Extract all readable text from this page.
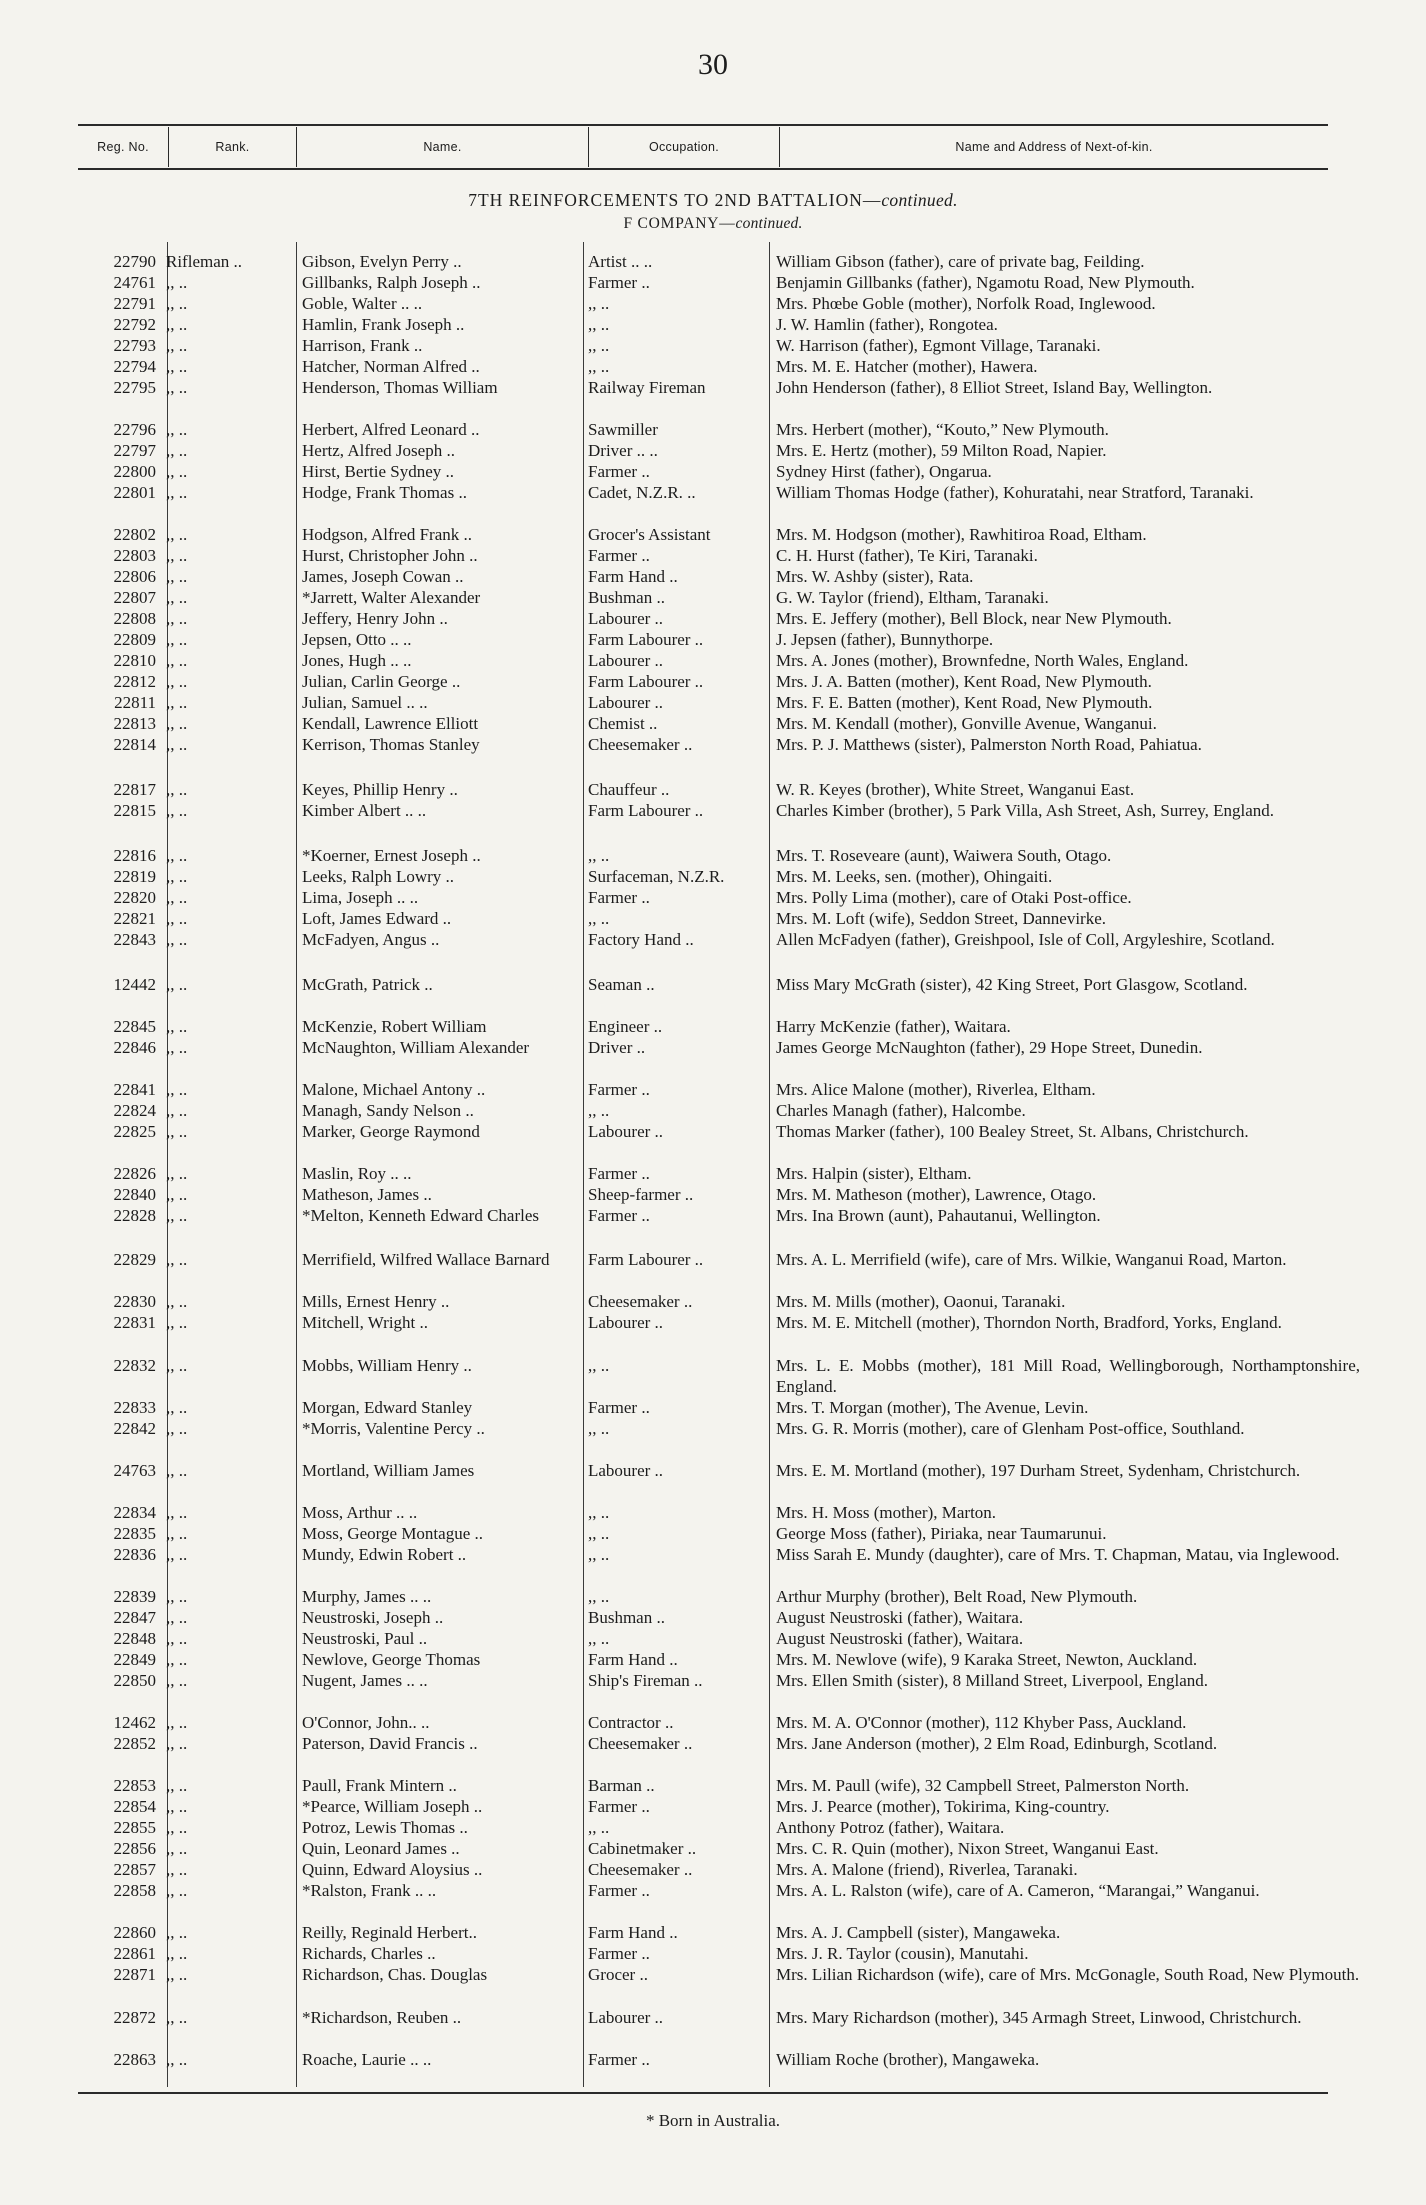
30
Reg. No.	Rank.	Name.	Occupation.	Name and Address of Next-of-kin.
7TH REINFORCEMENTS TO 2ND BATTALION—continued.
F COMPANY—continued.
22790 Rifleman ..	Gibson, Evelyn Perry ..	Artist .. ..	William Gibson (father), care of private bag, Feilding.
24761 ,, ..	Gillbanks, Ralph Joseph ..	Farmer ..	Benjamin Gillbanks (father), Ngamotu Road, New Plymouth.
22791 ,, ..	Goble, Walter .. ..	,, ..	Mrs. Phœbe Goble (mother), Norfolk Road, Inglewood.
22792 ,, ..	Hamlin, Frank Joseph ..	,, ..	J. W. Hamlin (father), Rongotea.
22793 ,, ..	Harrison, Frank ..	,, ..	W. Harrison (father), Egmont Village, Taranaki.
22794 ,, ..	Hatcher, Norman Alfred ..	,, ..	Mrs. M. E. Hatcher (mother), Hawera.
22795 ,, ..	Henderson, Thomas William	Railway Fireman	John Henderson (father), 8 Elliot Street, Island Bay, Wellington.
22796 ,, ..	Herbert, Alfred Leonard ..	Sawmiller	Mrs. Herbert (mother), “Kouto,” New Plymouth.
22797 ,, ..	Hertz, Alfred Joseph ..	Driver .. ..	Mrs. E. Hertz (mother), 59 Milton Road, Napier.
22800 ,, ..	Hirst, Bertie Sydney ..	Farmer ..	Sydney Hirst (father), Ongarua.
22801 ,, ..	Hodge, Frank Thomas ..	Cadet, N.Z.R. ..	William Thomas Hodge (father), Kohuratahi, near Stratford, Taranaki.
22802 ,, ..	Hodgson, Alfred Frank ..	Grocer's Assistant	Mrs. M. Hodgson (mother), Rawhitiroa Road, Eltham.
22803 ,, ..	Hurst, Christopher John ..	Farmer ..	C. H. Hurst (father), Te Kiri, Taranaki.
22806 ,, ..	James, Joseph Cowan ..	Farm Hand ..	Mrs. W. Ashby (sister), Rata.
22807 ,, ..	*Jarrett, Walter Alexander	Bushman ..	G. W. Taylor (friend), Eltham, Taranaki.
22808 ,, ..	Jeffery, Henry John ..	Labourer ..	Mrs. E. Jeffery (mother), Bell Block, near New Plymouth.
22809 ,, ..	Jepsen, Otto .. ..	Farm Labourer ..	J. Jepsen (father), Bunnythorpe.
22810 ,, ..	Jones, Hugh .. ..	Labourer ..	Mrs. A. Jones (mother), Brownfedne, North Wales, England.
22812 ,, ..	Julian, Carlin George ..	Farm Labourer ..	Mrs. J. A. Batten (mother), Kent Road, New Plymouth.
22811 ,, ..	Julian, Samuel .. ..	Labourer ..	Mrs. F. E. Batten (mother), Kent Road, New Plymouth.
22813 ,, ..	Kendall, Lawrence Elliott	Chemist ..	Mrs. M. Kendall (mother), Gonville Avenue, Wanganui.
22814 ,, ..	Kerrison, Thomas Stanley	Cheesemaker ..	Mrs. P. J. Matthews (sister), Palmerston North Road, Pahiatua.
22817 ,, ..	Keyes, Phillip Henry ..	Chauffeur ..	W. R. Keyes (brother), White Street, Wanganui East.
22815 ,, ..	Kimber Albert .. ..	Farm Labourer ..	Charles Kimber (brother), 5 Park Villa, Ash Street, Ash, Surrey, England.
22816 ,, ..	*Koerner, Ernest Joseph ..	,, ..	Mrs. T. Roseveare (aunt), Waiwera South, Otago.
22819 ,, ..	Leeks, Ralph Lowry ..	Surfaceman, N.Z.R.	Mrs. M. Leeks, sen. (mother), Ohingaiti.
22820 ,, ..	Lima, Joseph .. ..	Farmer ..	Mrs. Polly Lima (mother), care of Otaki Post-office.
22821 ,, ..	Loft, James Edward ..	,, ..	Mrs. M. Loft (wife), Seddon Street, Dannevirke.
22843 ,, ..	McFadyen, Angus ..	Factory Hand ..	Allen McFadyen (father), Greishpool, Isle of Coll, Argyleshire, Scotland.
12442 ,, ..	McGrath, Patrick ..	Seaman ..	Miss Mary McGrath (sister), 42 King Street, Port Glasgow, Scotland.
22845 ,, ..	McKenzie, Robert William	Engineer ..	Harry McKenzie (father), Waitara.
22846 ,, ..	McNaughton, William Alexander	Driver ..	James George McNaughton (father), 29 Hope Street, Dunedin.
22841 ,, ..	Malone, Michael Antony ..	Farmer ..	Mrs. Alice Malone (mother), Riverlea, Eltham.
22824 ,, ..	Managh, Sandy Nelson ..	,, ..	Charles Managh (father), Halcombe.
22825 ,, ..	Marker, George Raymond	Labourer ..	Thomas Marker (father), 100 Bealey Street, St. Albans, Christchurch.
22826 ,, ..	Maslin, Roy .. ..	Farmer ..	Mrs. Halpin (sister), Eltham.
22840 ,, ..	Matheson, James ..	Sheep-farmer ..	Mrs. M. Matheson (mother), Lawrence, Otago.
22828 ,, ..	*Melton, Kenneth Edward Charles	Farmer ..	Mrs. Ina Brown (aunt), Pahautanui, Wellington.
22829 ,, ..	Merrifield, Wilfred Wallace Barnard	Farm Labourer ..	Mrs. A. L. Merrifield (wife), care of Mrs. Wilkie, Wanganui Road, Marton.
22830 ,, ..	Mills, Ernest Henry ..	Cheesemaker ..	Mrs. M. Mills (mother), Oaonui, Taranaki.
22831 ,, ..	Mitchell, Wright ..	Labourer ..	Mrs. M. E. Mitchell (mother), Thorndon North, Bradford, Yorks, England.
22832 ,, ..	Mobbs, William Henry ..	,, ..	Mrs. L. E. Mobbs (mother), 181 Mill Road, Wellingborough, Northamptonshire, England.
22833 ,, ..	Morgan, Edward Stanley	Farmer ..	Mrs. T. Morgan (mother), The Avenue, Levin.
22842 ,, ..	*Morris, Valentine Percy ..	,, ..	Mrs. G. R. Morris (mother), care of Glenham Post-office, Southland.
24763 ,, ..	Mortland, William James	Labourer ..	Mrs. E. M. Mortland (mother), 197 Durham Street, Sydenham, Christchurch.
22834 ,, ..	Moss, Arthur .. ..	,, ..	Mrs. H. Moss (mother), Marton.
22835 ,, ..	Moss, George Montague ..	,, ..	George Moss (father), Piriaka, near Taumarunui.
22836 ,, ..	Mundy, Edwin Robert ..	,, ..	Miss Sarah E. Mundy (daughter), care of Mrs. T. Chapman, Matau, via Inglewood.
22839 ,, ..	Murphy, James .. ..	,, ..	Arthur Murphy (brother), Belt Road, New Plymouth.
22847 ,, ..	Neustroski, Joseph ..	Bushman ..	August Neustroski (father), Waitara.
22848 ,, ..	Neustroski, Paul ..	,, ..	August Neustroski (father), Waitara.
22849 ,, ..	Newlove, George Thomas	Farm Hand ..	Mrs. M. Newlove (wife), 9 Karaka Street, Newton, Auckland.
22850 ,, ..	Nugent, James .. ..	Ship's Fireman ..	Mrs. Ellen Smith (sister), 8 Milland Street, Liverpool, England.
12462 ,, ..	O'Connor, John.. ..	Contractor ..	Mrs. M. A. O'Connor (mother), 112 Khyber Pass, Auckland.
22852 ,, ..	Paterson, David Francis ..	Cheesemaker ..	Mrs. Jane Anderson (mother), 2 Elm Road, Edinburgh, Scotland.
22853 ,, ..	Paull, Frank Mintern ..	Barman ..	Mrs. M. Paull (wife), 32 Campbell Street, Palmerston North.
22854 ,, ..	*Pearce, William Joseph ..	Farmer ..	Mrs. J. Pearce (mother), Tokirima, King-country.
22855 ,, ..	Potroz, Lewis Thomas ..	,, ..	Anthony Potroz (father), Waitara.
22856 ,, ..	Quin, Leonard James ..	Cabinetmaker ..	Mrs. C. R. Quin (mother), Nixon Street, Wanganui East.
22857 ,, ..	Quinn, Edward Aloysius ..	Cheesemaker ..	Mrs. A. Malone (friend), Riverlea, Taranaki.
22858 ,, ..	*Ralston, Frank .. ..	Farmer ..	Mrs. A. L. Ralston (wife), care of A. Cameron, “Marangai,” Wanganui.
22860 ,, ..	Reilly, Reginald Herbert..	Farm Hand ..	Mrs. A. J. Campbell (sister), Mangaweka.
22861 ,, ..	Richards, Charles ..	Farmer ..	Mrs. J. R. Taylor (cousin), Manutahi.
22871 ,, ..	Richardson, Chas. Douglas	Grocer ..	Mrs. Lilian Richardson (wife), care of Mrs. McGonagle, South Road, New Plymouth.
22872 ,, ..	*Richardson, Reuben ..	Labourer ..	Mrs. Mary Richardson (mother), 345 Armagh Street, Linwood, Christchurch.
22863 ,, ..	Roache, Laurie .. ..	Farmer ..	William Roche (brother), Mangaweka.
* Born in Australia.
